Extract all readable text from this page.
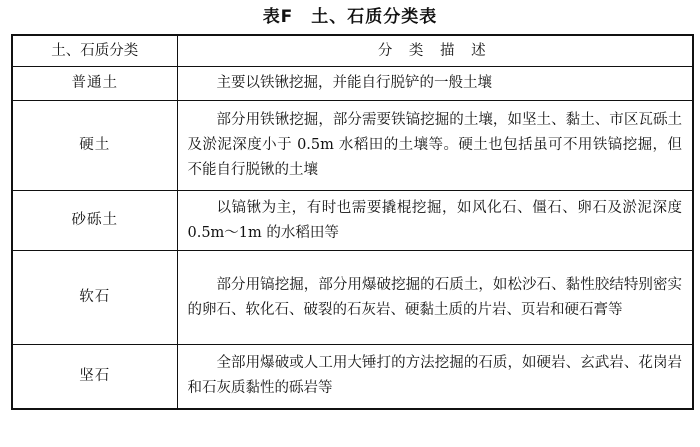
表F　土、石质分类表
土、石质分类	分 类 描 述
普通土	主要以铁锹挖掘，并能自行脱铲的一般土壤
硬土	部分用铁锹挖掘，部分需要铁镐挖掘的土壤，如坚土、黏土、市区瓦砾土及淤泥深度小于 0.5m 水稻田的土壤等。硬土也包括虽可不用铁镐挖掘，但不能自行脱锹的土壤
砂砾土	以镐锹为主，有时也需要撬棍挖掘，如风化石、僵石、卵石及淤泥深度 0.5m～1m 的水稻田等
软石	部分用镐挖掘，部分用爆破挖掘的石质土，如松沙石、黏性胶结特别密实的卵石、软化石、破裂的石灰岩、硬黏土质的片岩、页岩和硬石膏等
坚石	全部用爆破或人工用大锤打的方法挖掘的石质，如硬岩、玄武岩、花岗岩和石灰质黏性的砾岩等
